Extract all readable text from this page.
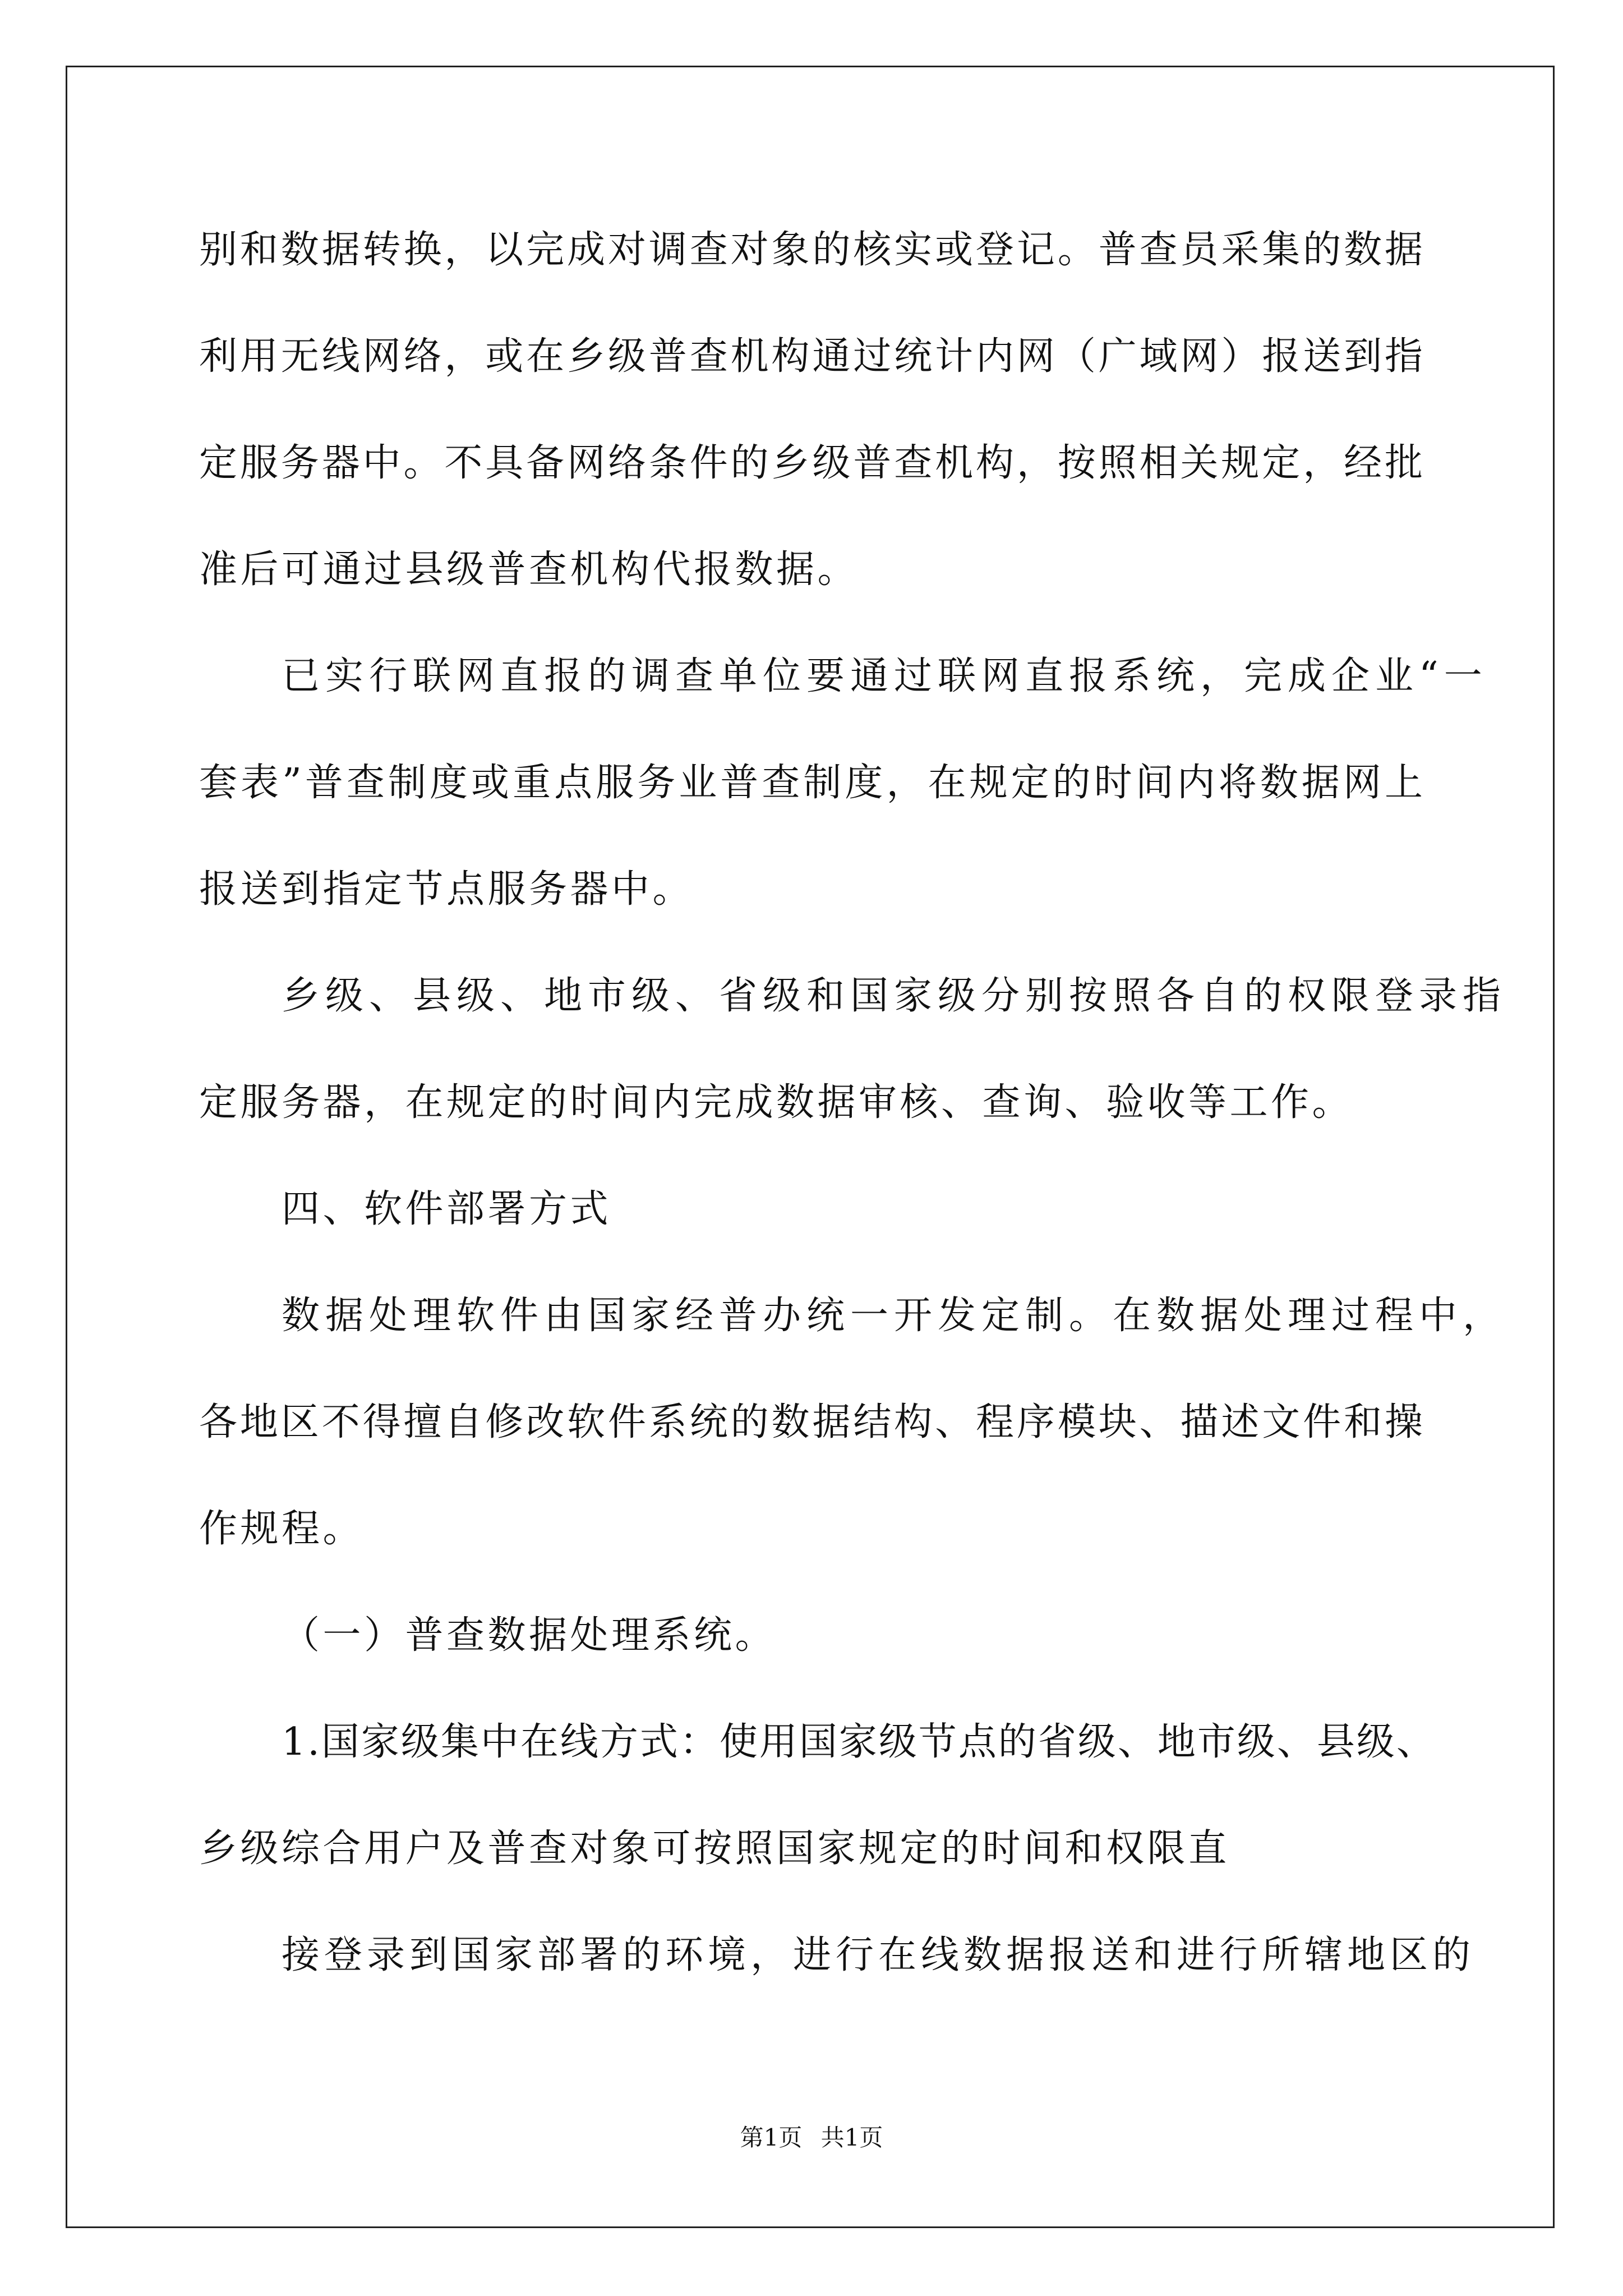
别和数据转换，以完成对调查对象的核实或登记。普查员采集的数据
利用无线网络，或在乡级普查机构通过统计内网（广域网）报送到指
定服务器中。不具备网络条件的乡级普查机构，按照相关规定，经批
准后可通过县级普查机构代报数据。
已实行联网直报的调查单位要通过联网直报系统，完成企业“一
套表”普查制度或重点服务业普查制度，在规定的时间内将数据网上
报送到指定节点服务器中。
乡级、县级、地市级、省级和国家级分别按照各自的权限登录指
定服务器，在规定的时间内完成数据审核、查询、验收等工作。
四、软件部署方式
数据处理软件由国家经普办统一开发定制。在数据处理过程中，
各地区不得擅自修改软件系统的数据结构、程序模块、描述文件和操
作规程。
（一）普查数据处理系统。
1.国家级集中在线方式：使用国家级节点的省级、地市级、县级、
乡级综合用户及普查对象可按照国家规定的时间和权限直
接登录到国家部署的环境，进行在线数据报送和进行所辖地区的
第1页 共1页
